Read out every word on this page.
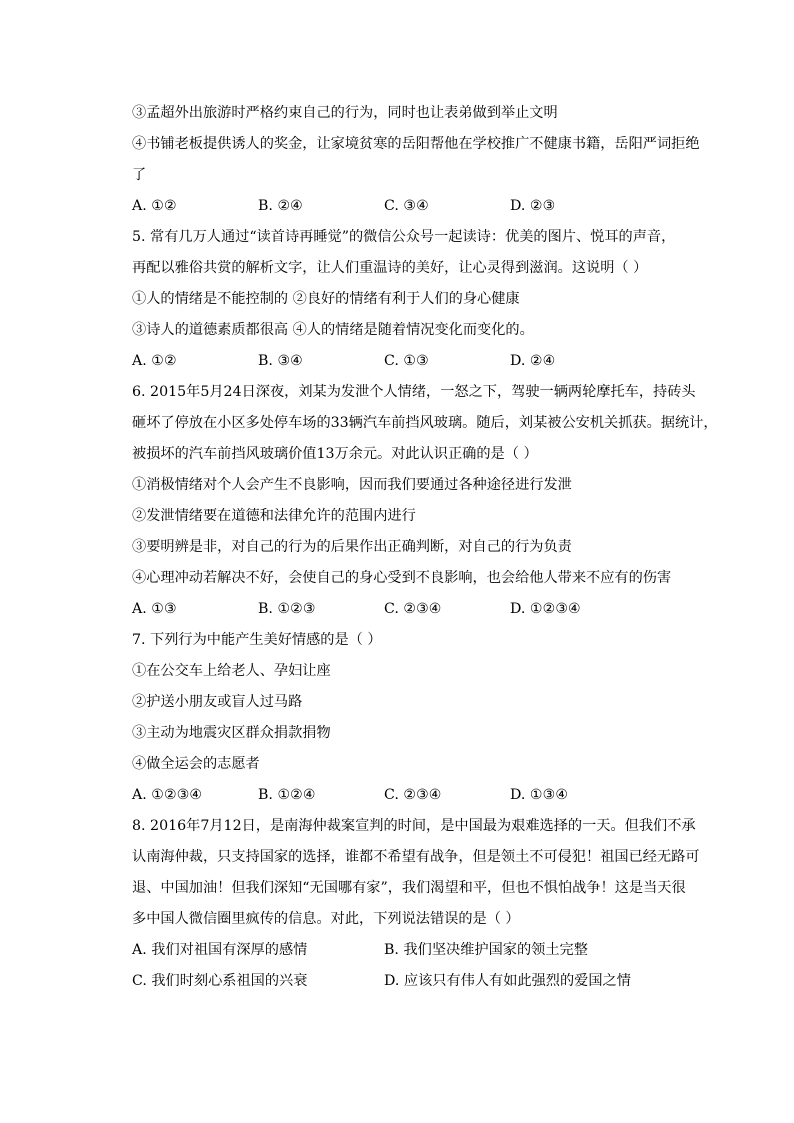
③孟超外出旅游时严格约束自己的行为，同时也让表弟做到举止文明
④书铺老板提供诱人的奖金，让家境贫寒的岳阳帮他在学校推广不健康书籍，岳阳严词拒绝
了
A. ①②	B. ②④	C. ③④	D. ②③
5. 常有几万人通过“读首诗再睡觉”的微信公众号一起读诗：优美的图片、悦耳的声音，
再配以雅俗共赏的解析文字，让人们重温诗的美好，让心灵得到滋润。这说明（ ）
①人的情绪是不能控制的 ②良好的情绪有利于人们的身心健康
③诗人的道德素质都很高 ④人的情绪是随着情况变化而变化的。
A. ①②	B. ③④	C. ①③	D. ②④
6. 2015年5月24日深夜，刘某为发泄个人情绪，一怒之下，驾驶一辆两轮摩托车，持砖头
砸坏了停放在小区多处停车场的33辆汽车前挡风玻璃。随后，刘某被公安机关抓获。据统计，
被损坏的汽车前挡风玻璃价值13万余元。对此认识正确的是（ ）
①消极情绪对个人会产生不良影响，因而我们要通过各种途径进行发泄
②发泄情绪要在道德和法律允许的范围内进行
③要明辨是非，对自己的行为的后果作出正确判断，对自己的行为负责
④心理冲动若解决不好，会使自己的身心受到不良影响，也会给他人带来不应有的伤害
A. ①③	B. ①②③	C. ②③④	D. ①②③④
7. 下列行为中能产生美好情感的是（ ）
①在公交车上给老人、孕妇让座
②护送小朋友或盲人过马路
③主动为地震灾区群众捐款捐物
④做全运会的志愿者
A. ①②③④	B. ①②④	C. ②③④	D. ①③④
8. 2016年7月12日，是南海仲裁案宣判的时间，是中国最为艰难选择的一天。但我们不承
认南海仲裁，只支持国家的选择，谁都不希望有战争，但是领土不可侵犯！祖国已经无路可
退、中国加油！但我们深知“无国哪有家”，我们渴望和平，但也不惧怕战争！这是当天很
多中国人微信圈里疯传的信息。对此，下列说法错误的是（ ）
A. 我们对祖国有深厚的感情	B. 我们坚决维护国家的领土完整
C. 我们时刻心系祖国的兴衰	D. 应该只有伟人有如此强烈的爱国之情
